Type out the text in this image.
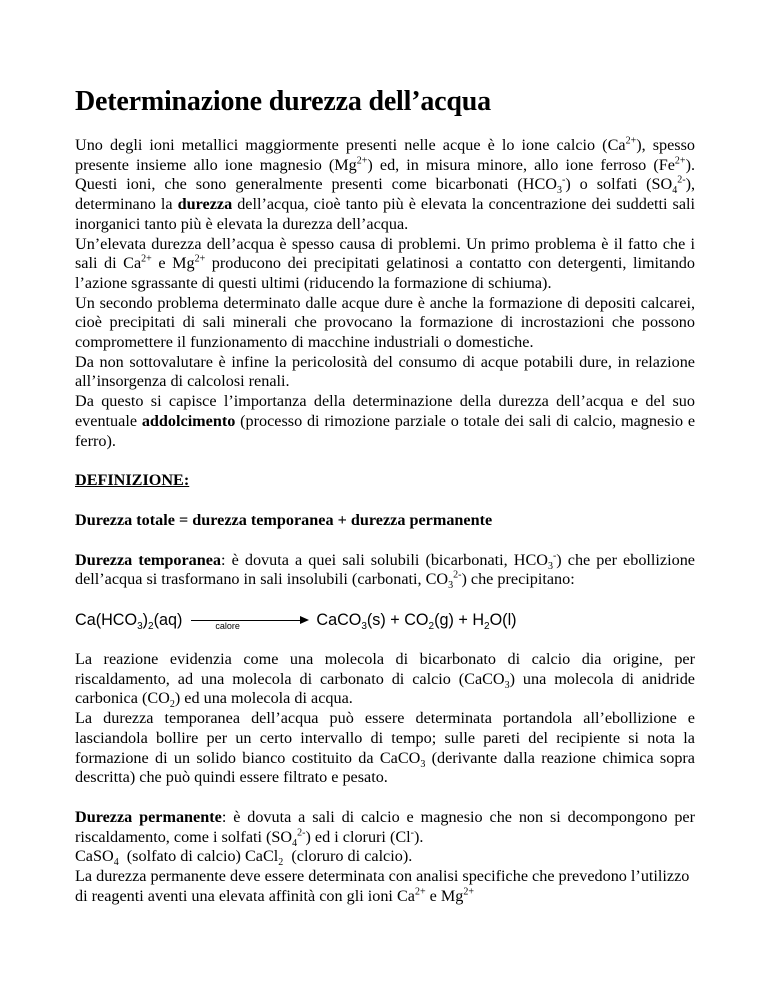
Determinazione durezza dell’acqua

Uno degli ioni metallici maggiormente presenti nelle acque è lo ione calcio $(Ca^{2+})$, spesso presente insieme allo ione magnesio $(Mg^{2+})$ ed, in misura minore, allo ione ferroso $(Fe^{2+})$. Questi ioni, che sono generalmente presenti come bicarbonati $(HCO_3^-)$ o solfati $(SO_4^{2-})$, determinano la durezza dell’acqua, cioè tanto più è elevata la concentrazione dei suddetti sali inorganici tanto più è elevata la durezza dell’acqua.

Un’elevata durezza dell’acqua è spesso causa di problemi. Un primo problema è il fatto che i sali di $Ca^{2+}$ e $Mg^{2+}$ producono dei precipitati gelatinosi a contatto con detergenti, limitando l’azione sgrassante di questi ultimi (riducendo la formazione di schiuma).

Un secondo problema determinato dalle acque dure è anche la formazione di depositi calcarei, cioè precipitati di sali minerali che provocano la formazione di incrostazioni che possono compromettere il funzionamento di macchine industriali o domestiche.

Da non sottovalutare è infine la pericolosità del consumo di acque potabili dure, in relazione all’insorgenza di calcolosi renali.

Da questo si capisce l’importanza della determinazione della durezza dell’acqua e del suo eventuale addolcimento (processo di rimozione parziale o totale dei sali di calcio, magnesio e ferro).

DEFINIZIONE:

Durezza totale = durezza temporanea + durezza permanente

Durezza temporanea: è dovuta a quei sali solubili (bicarbonati, $HCO_3^-$) che per ebollizione dell’acqua si trasformano in sali insolubili (carbonati, $CO_3^{2-}$) che precipitano:

$Ca(HCO_3)_2(aq)$	calore	CaCO$_3$(s) + $CO_2(g) + H_2O(l)$

La reazione evidenzia come una molecola di bicarbonato di calcio dia origine, per riscaldamento, ad una molecola di carbonato di calcio (CaCO$_3$) una molecola di anidride carbonica $(CO_2)$ ed una molecola di acqua.

La durezza temporanea dell’acqua può essere determinata portandola all’ebollizione e lasciandola bollire per un certo intervallo di tempo; sulle pareti del recipiente si nota la formazione di un solido bianco costituito da CaCO$_3$ (derivante dalla reazione chimica sopra descritta) che può quindi essere filtrato e pesato.

Durezza permanente: è dovuta a sali di calcio e magnesio che non si decompongono per riscaldamento, come i solfati $(SO_4^{2-})$ ed i cloruri (Cl-).

CaSO$_4$  (solfato di calcio) CaCl$_2$  (cloruro di calcio).

La durezza permanente deve essere determinata con analisi specifiche che prevedono l’utilizzo di reagenti aventi una elevata affinità con gli ioni $Ca^{2+}$ e $Mg^{2+}$
